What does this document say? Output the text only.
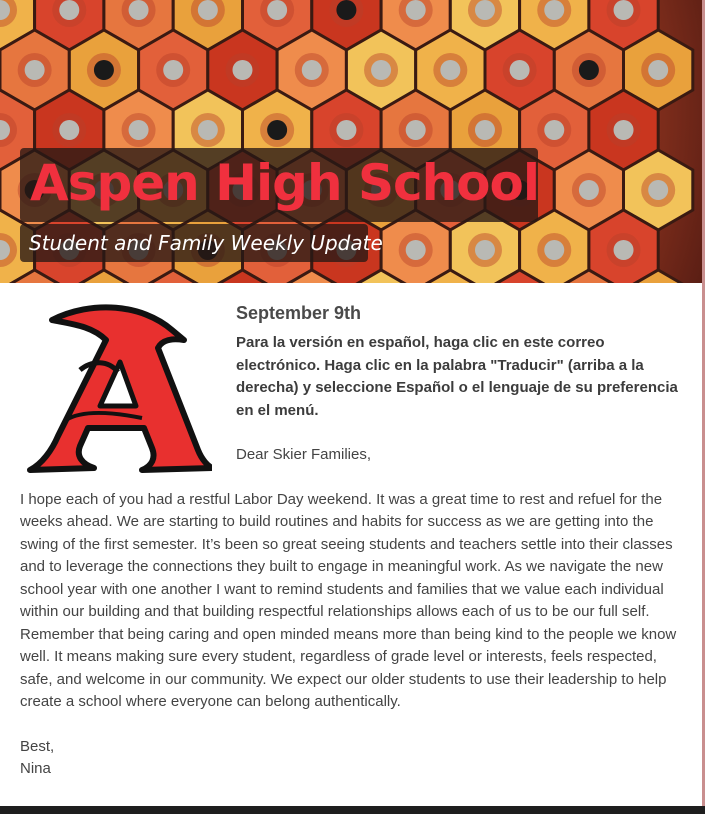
Aspen High School
Student and Family Weekly Update
September 9th

Para la versión en español, haga clic en este correo electrónico. Haga clic en la palabra "Traducir" (arriba a la derecha) y seleccione Español o el lenguaje de su preferencia en el menú.

Dear Skier Families,

I hope each of you had a restful Labor Day weekend. It was a great time to rest and refuel for the weeks ahead. We are starting to build routines and habits for success as we are getting into the swing of the first semester. It’s been so great seeing students and teachers settle into their classes and to leverage the connections they built to engage in meaningful work. As we navigate the new school year with one another I want to remind students and families that we value each individual within our building and that building respectful relationships allows each of us to be our full self. Remember that being caring and open minded means more than being kind to the people we know well. It means making sure every student, regardless of grade level or interests, feels respected, safe, and welcome in our community. We expect our older students to use their leadership to help create a school where everyone can belong authentically.

Best,

Nina
